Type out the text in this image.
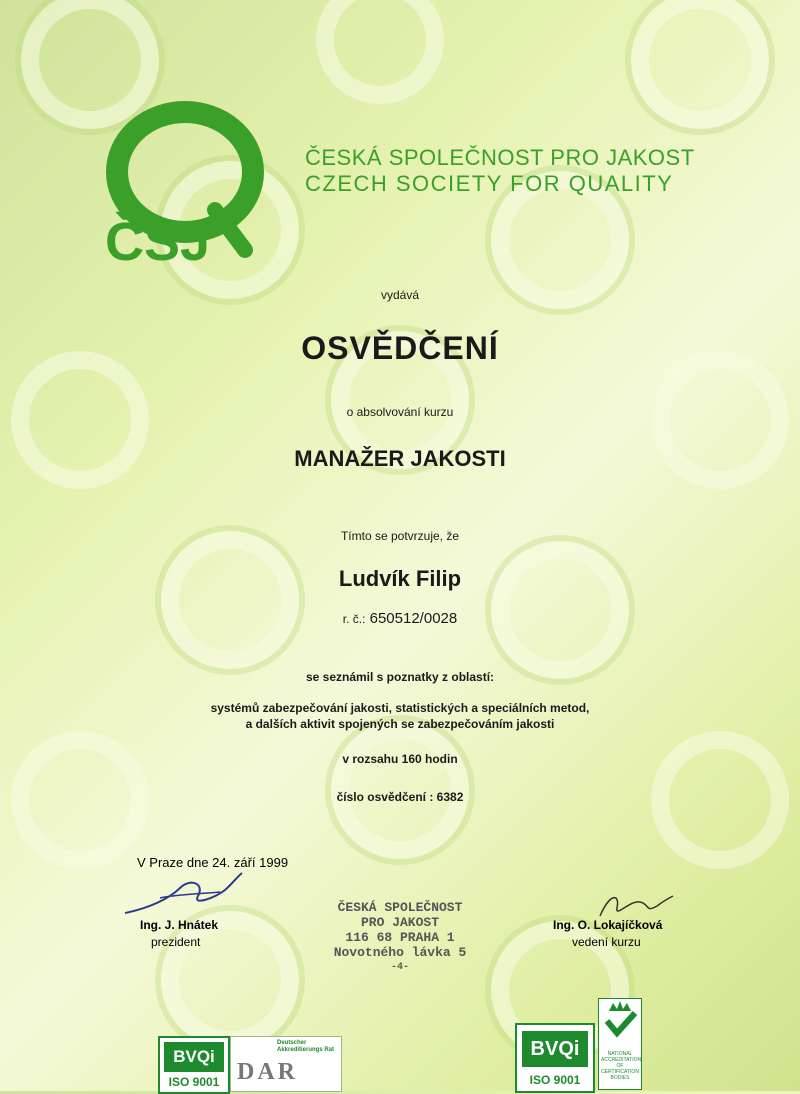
ČSJ
ČESKÁ SPOLEČNOST PRO JAKOST
CZECH SOCIETY FOR QUALITY
vydává
OSVĚDČENÍ
o absolvování kurzu
MANAŽER JAKOSTI
Tímto se potvrzuje, že
Ludvík Filip
r. č.: 650512/0028
se seznámil s poznatky z oblastí:
systémů zabezpečování jakosti, statistických a speciálních metod,
a dalších aktivit spojených se zabezpečováním jakosti
v rozsahu 160 hodin
číslo osvědčení : 6382
V Praze dne 24. září 1999
Ing. J. Hnátek
prezident
ČESKÁ SPOLEČNOST
PRO JAKOST
116 68 PRAHA 1
Novotného lávka 5
-4-
Ing. O. Lokajíčková
vedení kurzu
BVQi
ISO 9001
Deutscher Akkreditierungs Rat
DAR
BVQi
ISO 9001
NATIONAL ACCREDITATION OF CERTIFICATION BODIES
